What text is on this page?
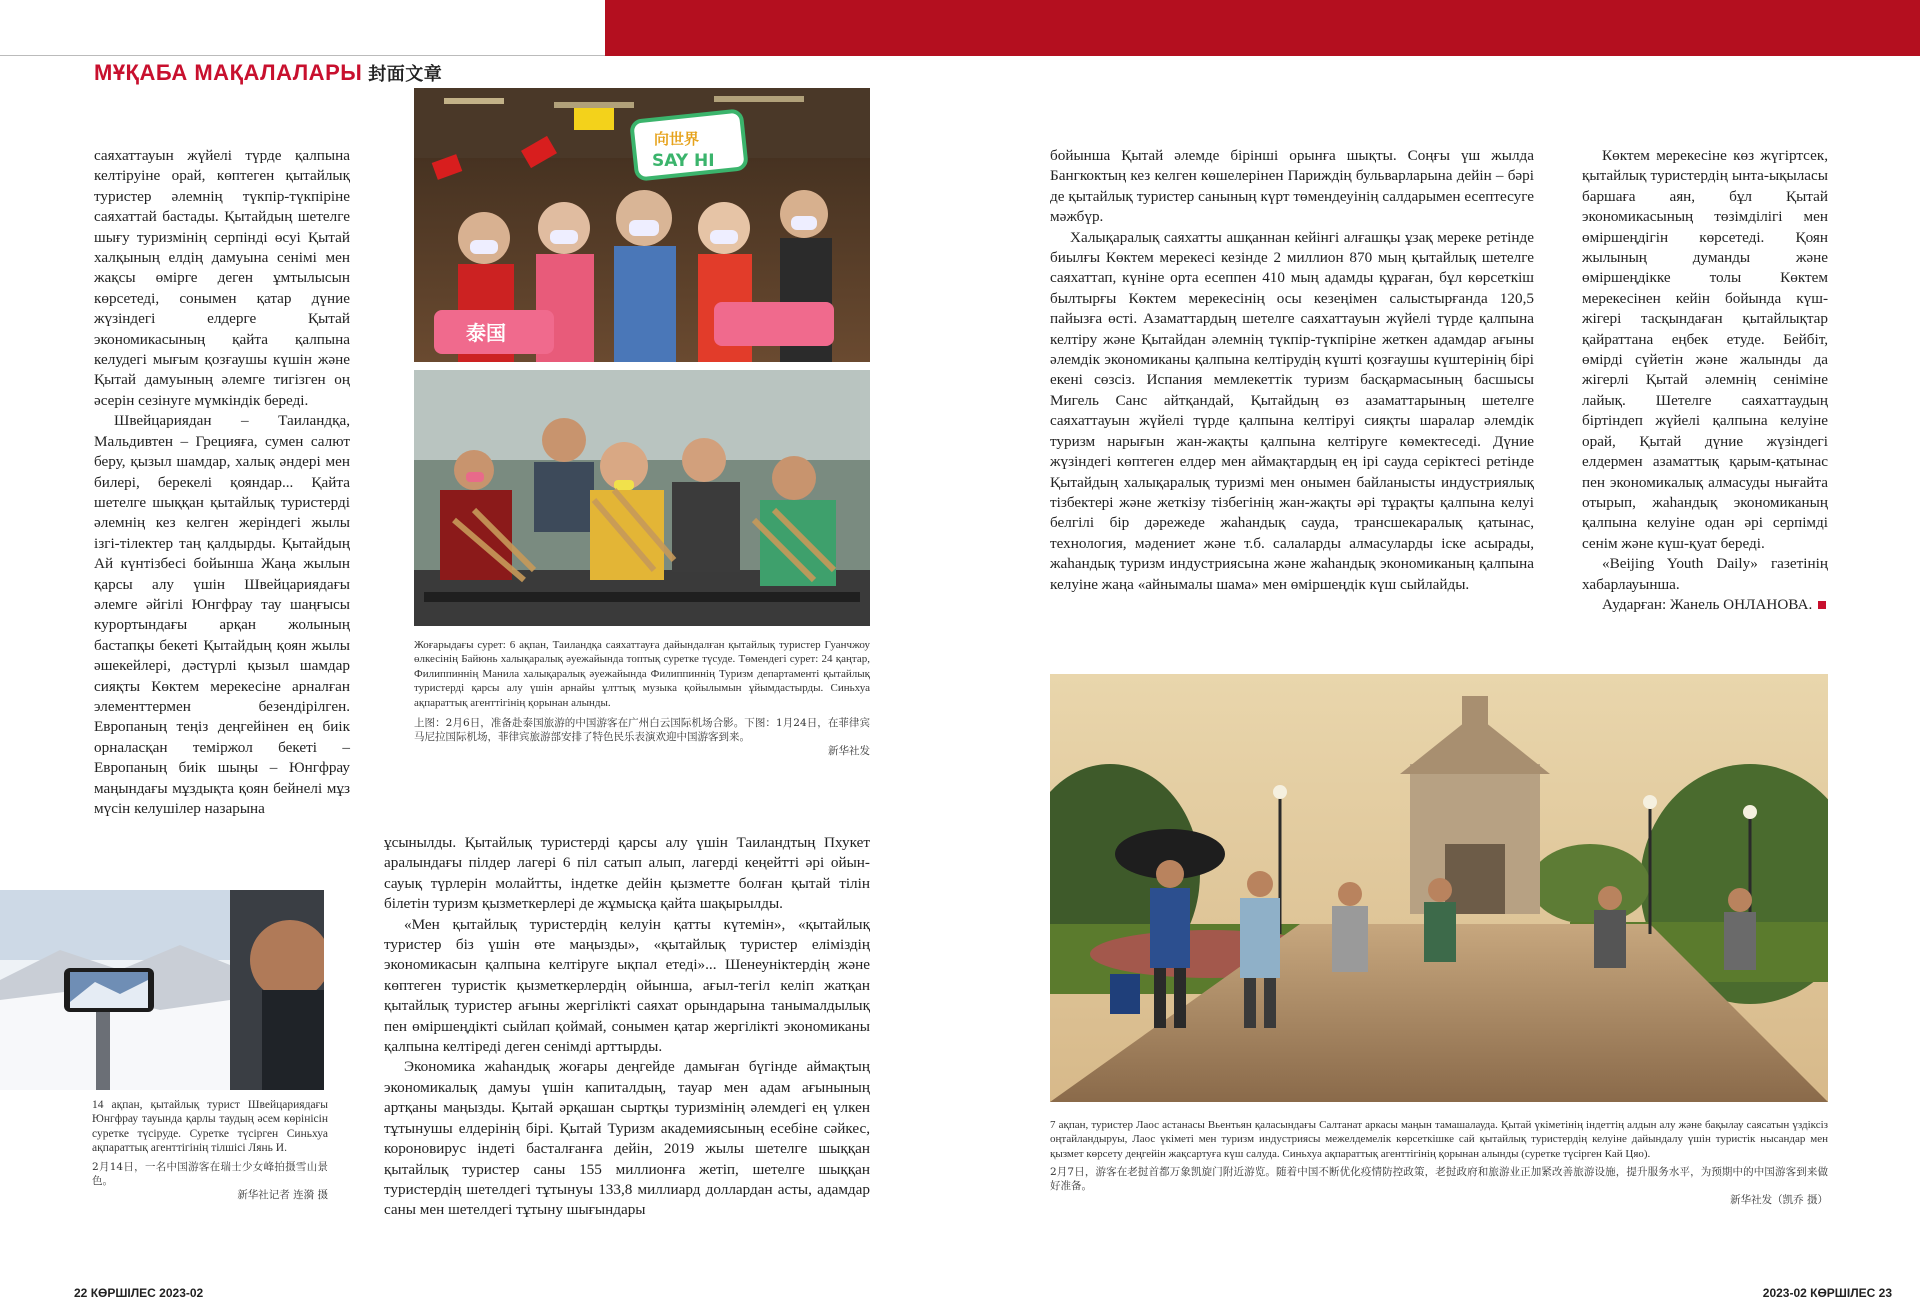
МҰҚАБА МАҚАЛАЛАРЫ 封面文章

саяхаттауын жүйелі түрде қалпына келтіруіне орай, көптеген қытайлық туристер әлемнің түкпір-түкпіріне саяхаттай бастады. Қытайдың шетелге шығу туризмінің серпінді өсуі Қытай халқының елдің дамуына сенімі мен жақсы өмірге деген ұмтылысын көрсетеді, сонымен қатар дүние жүзіндегі елдерге Қытай экономикасының қайта қалпына келудегі мығым қозғаушы күшін және Қытай дамуының әлемге тигізген оң әсерін сезінуге мүмкіндік береді.

Швейцариядан – Таиландқа, Мальдивтен – Грецияға, сумен салют беру, қызыл шамдар, халық әндері мен билері, берекелі қояндар... Қайта шетелге шыққан қытайлық туристерді әлемнің кез келген жеріндегі жылы ізгі-тілектер таң қалдырды. Қытайдың Ай күнтізбесі бойынша Жаңа жылын қарсы алу үшін Швейцариядағы әлемге әйгілі Юнгфрау тау шаңғысы курортындағы арқан жолының бастапқы бекеті Қытайдың қоян жылы әшекейлері, дәстүрлі қызыл шамдар сияқты Көктем мерекесіне арналған элементтермен безендірілген. Европаның теңіз деңгейінен ең биік орналасқан теміржол бекеті – Европаның биік шыңы – Юнгфрау маңындағы мұздықта қоян бейнелі мұз мүсін келушілер назарына

向世界
SAY HI
泰国
Жоғарыдағы сурет: 6 ақпан, Таиландқа саяхаттауға дайындалған қытайлық туристер Гуанчжоу өлкесінің Байюнь халықаралық әуежайында топтық суретке түсуде. Төмендегі сурет: 24 қаңтар, Филиппиннің Манила халықаралық әуежайында Филиппиннің Туризм департаменті қытайлық туристерді қарсы алу үшін арнайы ұлттық музыка қойылымын ұйымдастырды. Синьхуа ақпараттық агенттігінің қорынан алынды.
上图：2月6日，准备赴泰国旅游的中国游客在广州白云国际机场合影。下图：1月24日，在菲律宾马尼拉国际机场，菲律宾旅游部安排了特色民乐表演欢迎中国游客到来。
新华社发

ұсынылды. Қытайлық туристерді қарсы алу үшін Таиландтың Пхукет аралындағы пілдер лагері 6 піл сатып алып, лагерді кеңейтті әрі ойын-сауық түрлерін молайтты, індетке дейін қызметте болған қытай тілін білетін туризм қызметкерлері де жұмысқа қайта шақырылды.

«Мен қытайлық туристердің келуін қатты күтемін», «қытайлық туристер біз үшін өте маңызды», «қытайлық туристер еліміздің экономикасын қалпына келтіруге ықпал етеді»... Шенеуніктердің және көптеген туристік қызметкерлердің ойынша, ағыл-тегіл келіп жатқан қытайлық туристер ағыны жергілікті саяхат орындарына танымалдылық пен өміршеңдікті сыйлап қоймай, сонымен қатар жергілікті экономиканы қалпына келтіреді деген сенімді арттырды.

Экономика жаһандық жоғары деңгейде дамыған бүгінде аймақтың экономикалық дамуы үшін капиталдың, тауар мен адам ағынының артқаны маңызды. Қытай әрқашан сыртқы туризмінің әлемдегі ең үлкен тұтынушы елдерінің бірі. Қытай Туризм академиясының есебіне сәйкес, короновирус індеті басталғанға дейін, 2019 жылы шетелге шыққан қытайлық туристер саны 155 миллионға жетіп, шетелге шыққан туристердің шетелдегі тұтынуы 133,8 миллиард доллардан асты, адамдар саны мен шетелдегі тұтыну шығындары

14 ақпан, қытайлық турист Швейцариядағы Юнгфрау тауында қарлы таудың әсем көрінісін суретке түсіруде. Суретке түсірген Синьхуа ақпараттық агенттігінің тілшісі Лянь И.
2月14日，一名中国游客在瑞士少女峰拍摄雪山景色。
新华社记者 连漪 摄
22 КӨРШІЛЕС 2023-02

бойынша Қытай әлемде бірінші орынға шықты. Соңғы үш жылда Бангкоктың кез келген көшелерінен Париждің бульварларына дейін – бәрі де қытайлық туристер санының күрт төмендеуінің салдарымен есептесуге мәжбүр.

Халықаралық саяхатты ашқаннан кейінгі алғашқы ұзақ мереке ретінде биылғы Көктем мерекесі кезінде 2 миллион 870 мың қытайлық шетелге саяхаттап, күніне орта есеппен 410 мың адамды құраған, бұл көрсеткіш былтырғы Көктем мерекесінің осы кезеңімен салыстырғанда 120,5 пайызға өсті. Азаматтардың шетелге саяхаттауын жүйелі түрде қалпына келтіру және Қытайдан әлемнің түкпір-түкпіріне жеткен адамдар ағыны әлемдік экономиканы қалпына келтірудің күшті қозғаушы күштерінің бірі екені сөзсіз. Испания мемлекеттік туризм басқармасының басшысы Мигель Санс айтқандай, Қытайдың өз азаматтарының шетелге саяхаттауын жүйелі түрде қалпына келтіруі сияқты шаралар әлемдік туризм нарығын жан-жақты қалпына келтіруге көмектеседі. Дүние жүзіндегі көптеген елдер мен аймақтардың ең ірі сауда серіктесі ретінде Қытайдың халықаралық туризмі мен онымен байланысты индустриялық тізбектері және жеткізу тізбегінің жан-жақты әрі тұрақты қалпына келуі белгілі бір дәрежеде жаһандық сауда, трансшекаралық қатынас, технология, мәдениет және т.б. салаларды алмасуларды іске асырады, жаһандық туризм индустриясына және жаһандық экономиканың қалпына келуіне жаңа «айнымалы шама» мен өміршеңдік күш сыйлайды.

Көктем мерекесіне көз жүгіртсек, қытайлық туристердің ынта-ықыласы баршаға аян, бұл Қытай экономикасының төзімділігі мен өміршеңдігін көрсетеді. Қоян жылының думанды және өміршеңдікке толы Көктем мерекесінен кейін бойында күш-жігері тасқындаған қытайлықтар қайраттана еңбек етуде. Бейбіт, өмірді сүйетін және жалынды да жігерлі Қытай әлемнің сеніміне лайық. Шетелге саяхаттаудың біртіндеп жүйелі қалпына келуіне орай, Қытай дүние жүзіндегі елдермен азаматтық қарым-қатынас пен экономикалық алмасуды нығайта отырып, жаһандық экономиканың қалпына келуіне одан әрі серпімді сенім және күш-қуат береді.

«Beijing Youth Daily» газетінің хабарлауынша.

Аударған: Жанель ОНЛАНОВА.

7 ақпан, туристер Лаос астанасы Вьентьян қаласындағы Салтанат аркасы маңын тамашалауда. Қытай үкіметінің індеттің алдын алу және бақылау саясатын үздіксіз оңтайландыруы, Лаос үкіметі мен туризм индустриясы межелдемелік көрсеткішке сай қытайлық туристердің келуіне дайындалу үшін туристік нысандар мен қызмет көрсету деңгейін жақсартуға күш салуда. Синьхуа ақпараттық агенттігінің қорынан алынды (суретке түсірген Кай Цяо).
2月7日，游客在老挝首都万象凯旋门附近游览。随着中国不断优化疫情防控政策，老挝政府和旅游业正加紧改善旅游设施，提升服务水平，为预期中的中国游客到来做好准备。
新华社发（凯乔 摄）
2023-02 КӨРШІЛЕС 23
